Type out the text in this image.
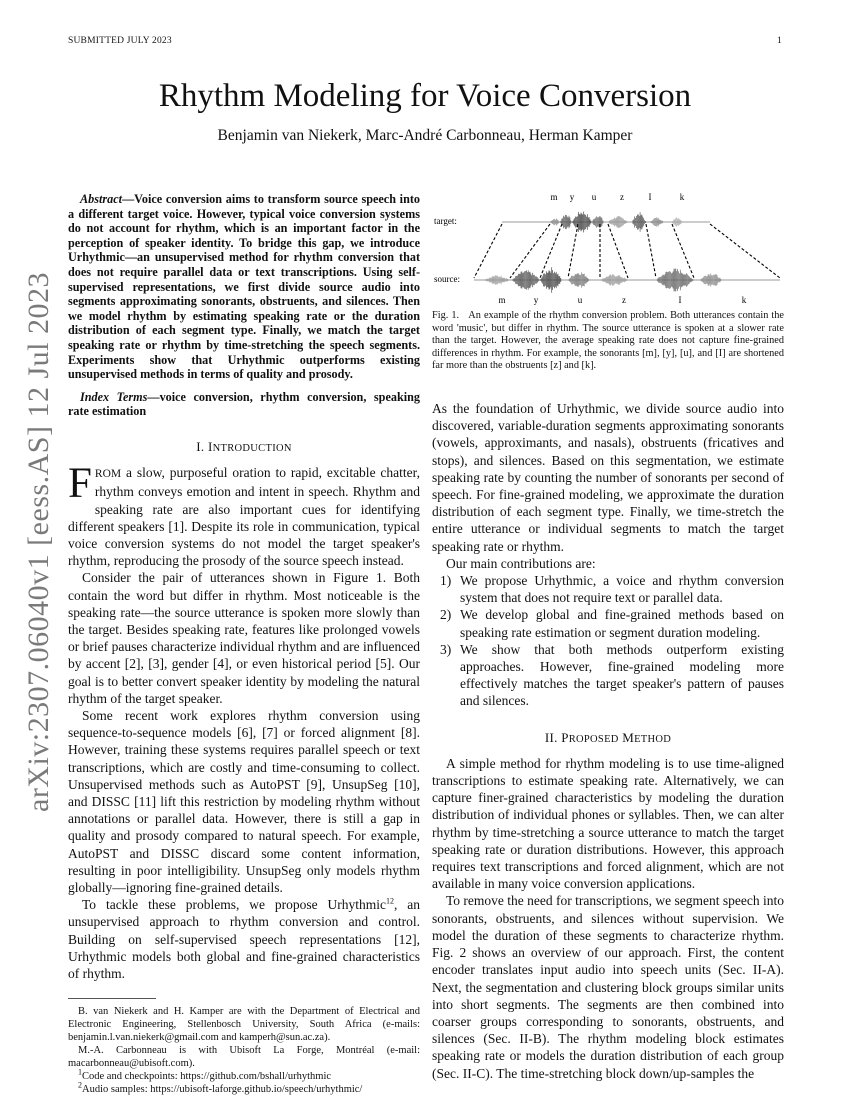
SUBMITTED JULY 2023	1
arXiv:2307.06040v1 [eess.AS] 12 Jul 2023
Rhythm Modeling for Voice Conversion
Benjamin van Niekerk, Marc-André Carbonneau, Herman Kamper

Abstract—Voice conversion aims to transform source speech into a different target voice. However, typical voice conversion systems do not account for rhythm, which is an important factor in the perception of speaker identity. To bridge this gap, we introduce Urhythmic—an unsupervised method for rhythm conversion that does not require parallel data or text transcriptions. Using self-supervised representations, we first divide source audio into segments approximating sonorants, obstruents, and silences. Then we model rhythm by estimating speaking rate or the duration distribution of each segment type. Finally, we match the target speaking rate or rhythm by time-stretching the speech segments. Experiments show that Urhythmic outperforms existing unsupervised methods in terms of quality and prosody.

Index Terms—voice conversion, rhythm conversion, speaking rate estimation

I. INTRODUCTION

FROM a slow, purposeful oration to rapid, excitable chatter, rhythm conveys emotion and intent in speech. Rhythm and speaking rate are also important cues for identifying different speakers [1]. Despite its role in communication, typical voice conversion systems do not model the target speaker's rhythm, reproducing the prosody of the source speech instead.

Consider the pair of utterances shown in Figure 1. Both contain the word but differ in rhythm. Most noticeable is the speaking rate—the source utterance is spoken more slowly than the target. Besides speaking rate, features like prolonged vowels or brief pauses characterize individual rhythm and are influenced by accent [2], [3], gender [4], or even historical period [5]. Our goal is to better convert speaker identity by modeling the natural rhythm of the target speaker.

Some recent work explores rhythm conversion using sequence-to-sequence models [6], [7] or forced alignment [8]. However, training these systems requires parallel speech or text transcriptions, which are costly and time-consuming to collect. Unsupervised methods such as AutoPST [9], UnsupSeg [10], and DISSC [11] lift this restriction by modeling rhythm without annotations or parallel data. However, there is still a gap in quality and prosody compared to natural speech. For example, AutoPST and DISSC discard some content information, resulting in poor intelligibility. UnsupSeg only models rhythm globally—ignoring fine-grained details.

To tackle these problems, we propose Urhythmic$^{12}$, an unsupervised approach to rhythm conversion and control. Building on self-supervised speech representations [12], Urhythmic models both global and fine-grained characteristics of rhythm.

B. van Niekerk and H. Kamper are with the Department of Electrical and Electronic Engineering, Stellenbosch University, South Africa (e-mails: benjamin.l.van.niekerk@gmail.com and kamperh@sun.ac.za).

M.-A. Carbonneau is with Ubisoft La Forge, Montréal (e-mail: macarbonneau@ubisoft.com).

$^1$Code and checkpoints: https://github.com/bshall/urhythmic

$^2$Audio samples: https://ubisoft-laforge.github.io/speech/urhythmic/

target:
source:
m y u	z	I	k
m	y	u	z	I	k
Fig. 1. An example of the rhythm conversion problem. Both utterances contain the word 'music', but differ in rhythm. The source utterance is spoken at a slower rate than the target. However, the average speaking rate does not capture fine-grained differences in rhythm. For example, the sonorants [m], [y], [u], and [I] are shortened far more than the obstruents [z] and [k].

As the foundation of Urhythmic, we divide source audio into discovered, variable-duration segments approximating sonorants (vowels, approximants, and nasals), obstruents (fricatives and stops), and silences. Based on this segmentation, we estimate speaking rate by counting the number of sonorants per second of speech. For fine-grained modeling, we approximate the duration distribution of each segment type. Finally, we time-stretch the entire utterance or individual segments to match the target speaking rate or rhythm.

Our main contributions are:

1) We propose Urhythmic, a voice and rhythm conversion system that does not require text or parallel data.
2) We develop global and fine-grained methods based on speaking rate estimation or segment duration modeling.
3) We show that both methods outperform existing approaches. However, fine-grained modeling more effectively matches the target speaker's pattern of pauses and silences.
II. PROPOSED METHOD

A simple method for rhythm modeling is to use time-aligned transcriptions to estimate speaking rate. Alternatively, we can capture finer-grained characteristics by modeling the duration distribution of individual phones or syllables. Then, we can alter rhythm by time-stretching a source utterance to match the target speaking rate or duration distributions. However, this approach requires text transcriptions and forced alignment, which are not available in many voice conversion applications.

To remove the need for transcriptions, we segment speech into sonorants, obstruents, and silences without supervision. We model the duration of these segments to characterize rhythm. Fig. 2 shows an overview of our approach. First, the content encoder translates input audio into speech units (Sec. II-A). Next, the segmentation and clustering block groups similar units into short segments. The segments are then combined into coarser groups corresponding to sonorants, obstruents, and silences (Sec. II-B). The rhythm modeling block estimates speaking rate or models the duration distribution of each group (Sec. II-C). The time-stretching block down/up-samples the
